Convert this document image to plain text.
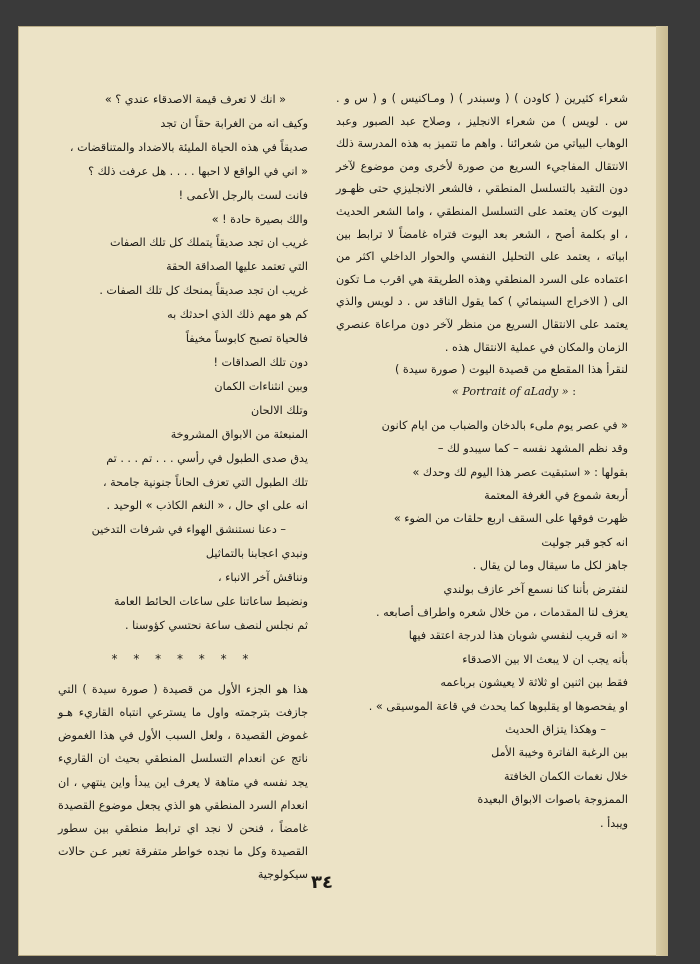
شعراء كثيرين ( كاودن ) ( وسبندر ) ( ومـاكنيس ) و ( س و . س . لويس ) من شعراء الانجليز ، وصلاح عبد الصبور وعبد الوهاب البياتي من شعرائنا . واهم ما تتميز به هذه المدرسة ذلك الانتقال المفاجيء السريع من صورة لأخرى ومن موضوع لآخر دون التقيد بالتسلسل المنطقي ، فالشعر الانجليزي حتى ظهـور اليوت كان يعتمد على التسلسل المنطقي ، واما الشعر الحديث ، او بكلمة أصح ، الشعر بعد اليوت فتراه غامضاً لا ترابط بين ابياته ، يعتمد على التحليل النفسي والحوار الداخلي اكثر من اعتماده على السرد المنطقي وهذه الطريقة هي اقرب مـا تكون الى ( الاخراج السينمائي ) كما يقول الناقد س . د لويس والذي يعتمد على الانتقال السريع من منظر لآخر دون مراعاة عنصري الزمان والمكان في عملية الانتقال هذه .

لنقرأ هذا المقطع من قصيدة اليوت ( صورة سيدة )

« Portrait of aLady » :

« في عصر يوم ملىء بالدخان والضباب من ايام كانون

وقد نظم المشهد نفسه – كما سيبدو لك –

بقولها : « استبقيت عصر هذا اليوم لك وحدك »

أربعة شموع في الغرفة المعتمة

ظهرت فوقها على السقف اربع حلقات من الضوء »

انه كجو قبر جوليت

جاهز لكل ما سيقال وما لن يقال .

لنفترض بأننا كنا نسمع آخر عازف بولندي

يعزف لنا المقدمات ، من خلال شعره واطراف أصابعه .

« انه قريب لنفسي شوبان هذا لدرجة اعتقد فيها

بأنه يجب ان لا يبعث الا بين الاصدقاء

فقط بين اثنين او ثلاثة لا يعيشون برباعمه

او يفحصوها او يقلبوها كما يحدث في قاعة الموسيقى » .

– وهكذا يتزاق الحديث

بين الرغبة الفاترة وخيبة الأمل

خلال نغمات الكمان الخافتة

الممزوجة باصوات الابواق البعيدة

ويبدأ .

« انك لا تعرف قيمة الاصدقاء عندي ؟ »

وكيف انه من الغرابة حقاً ان تجد

صديقاً في هذه الحياة المليئة بالاضداد والمتناقضات ،

« اني في الواقع لا احبها . . . . هل عرفت ذلك ؟

فانت لست بالرجل الأعمى !

والك بصيرة حادة ! »

غريب ان تجد صديقاً يتملك كل تلك الصفات

التي تعتمد عليها الصداقة الحقة

غريب ان تجد صديقاً يمنحك كل تلك الصفات .

كم هو مهم ذلك الذي احدثك به

فالحياة تصبح كابوساً مخيفاً

دون تلك الصداقات !

وبين انثناءات الكمان

وتلك الالحان

المنبعثة من الابواق المشروخة

يدق صدى الطبول في رأسي . . . تم . . . تم

تلك الطبول التي تعزف الحاناً جنونية جامحة ،

انه على اي حال ، « النغم الكاذب » الوحيد .

– دعنا نستنشق الهواء في شرفات التدخين

ونبدي اعجابنا بالتماثيل

ونناقش آخر الانباء ،

ونضبط ساعاتنا على ساعات الحائط العامة

ثم نجلس لنصف ساعة نحتسي كؤوسنا .

* * * * * * *

هذا هو الجزء الأول من قصيدة ( صورة سيدة ) التي جازفت بترجمته واول ما يسترعي انتباه القاريء هـو غموض القصيدة ، ولعل السبب الأول في هذا الغموض ناتج عن انعدام التسلسل المنطقي بحيث ان القاريء يجد نفسه في متاهة لا يعرف اين يبدأ واين ينتهي ، ان انعدام السرد المنطقي هو الذي يجعل موضوع القصيدة غامضاً ، فنحن لا نجد اي ترابط منطقي بين سطور القصيدة وكل ما نجده خواطر متفرقة تعبر عـن حالات سيكولوجية ٣٤
